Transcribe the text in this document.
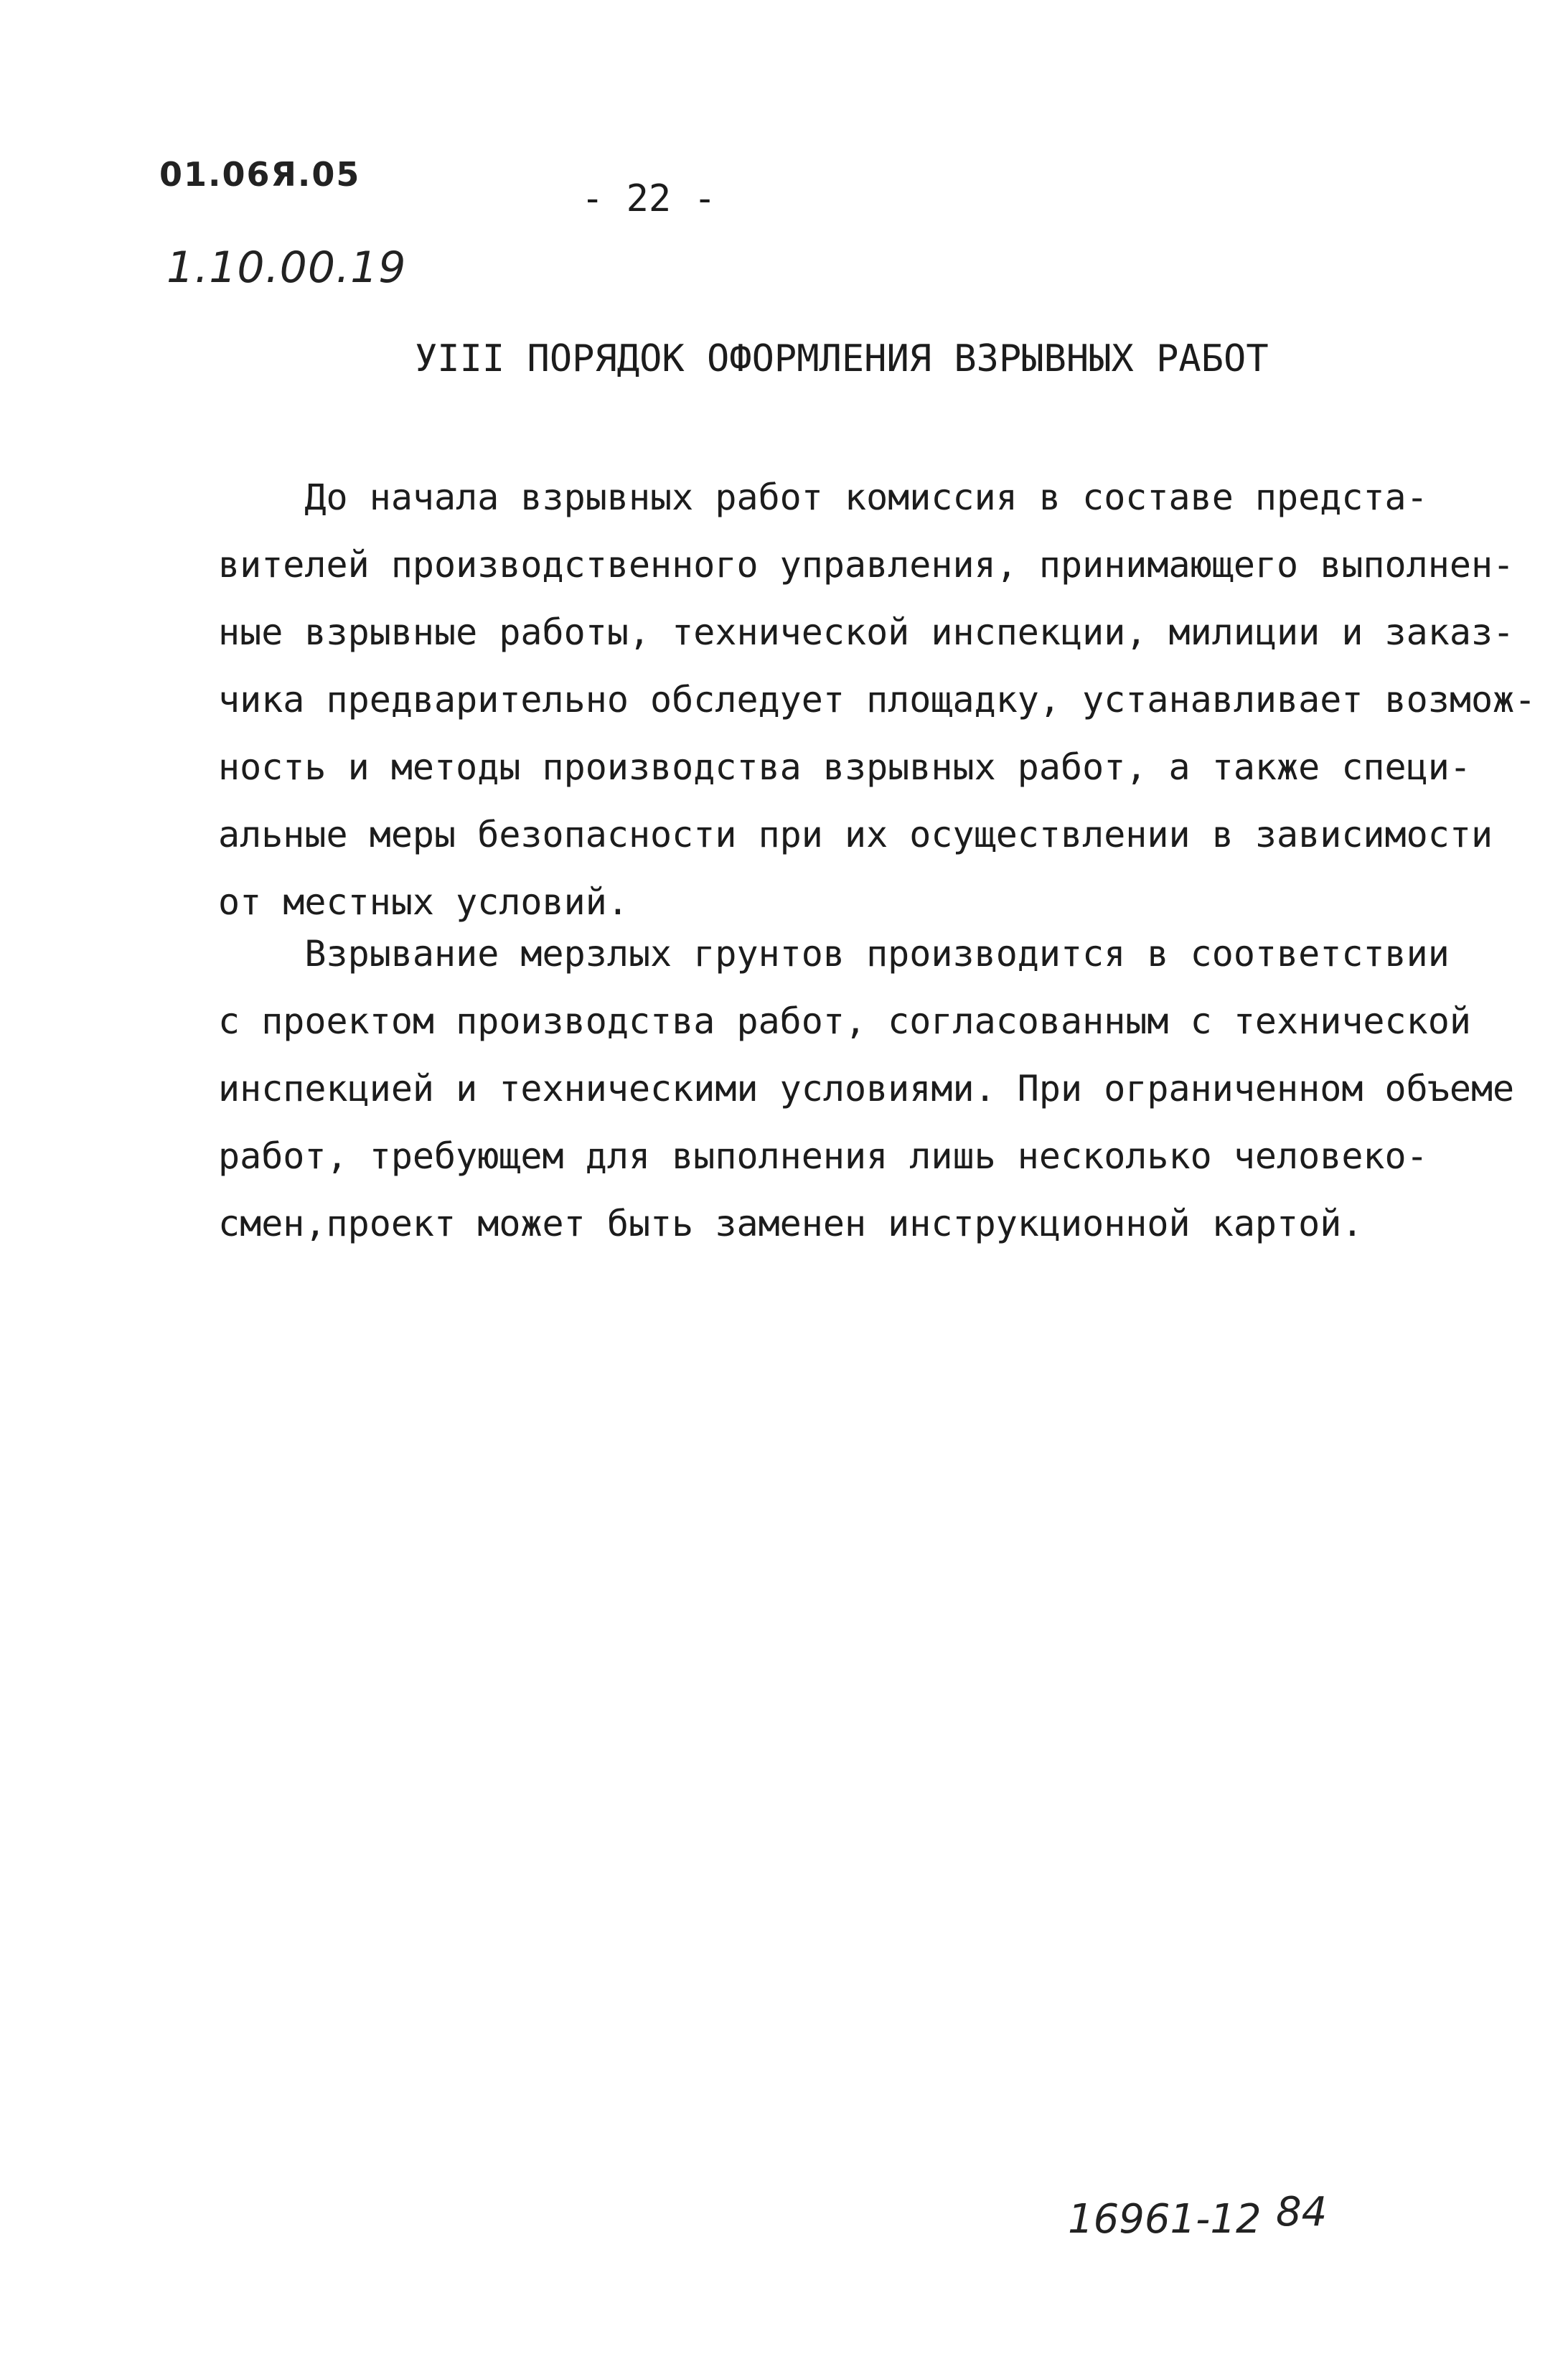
01.06Я.05
1.10.00.19
- 22 -
УIII ПОРЯДОК ОФОРМЛЕНИЯ ВЗРЫВНЫХ РАБОТ
До начала взрывных работ комиссия в составе предста-
вителей производственного управления, принимающего выполнен-
ные взрывные работы, технической инспекции, милиции и заказ-
чика предварительно обследует площадку, устанавливает возмож-
ность и методы производства взрывных работ, а также специ-
альные меры безопасности при их осуществлении в зависимости
от местных условий.
Взрывание мерзлых грунтов производится в соответствии
с проектом производства работ, согласованным с технической
инспекцией и техническими условиями. При ограниченном объеме
работ, требующем для выполнения лишь несколько человеко-
смен,проект может быть заменен инструкционной картой.
16961-12 84
